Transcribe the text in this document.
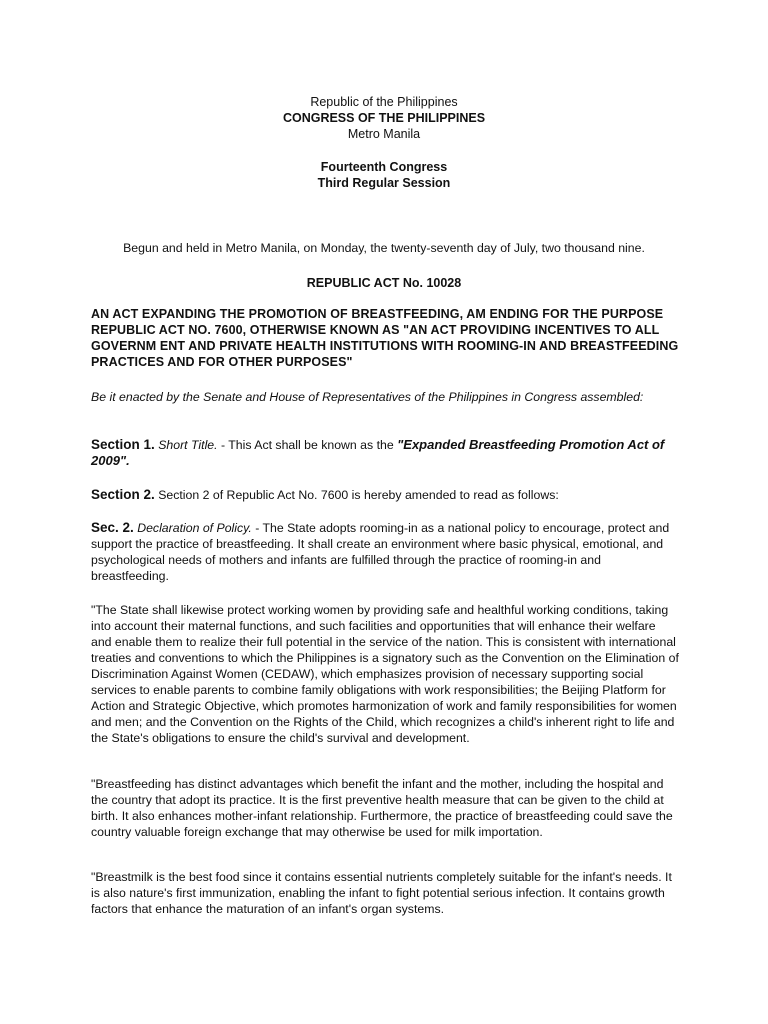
Republic of the Philippines
CONGRESS OF THE PHILIPPINES
Metro Manila
Fourteenth Congress
Third Regular Session
Begun and held in Metro Manila, on Monday, the twenty-seventh day of July, two thousand nine.
REPUBLIC ACT No. 10028

AN ACT EXPANDING THE PROMOTION OF BREASTFEEDING, AM ENDING FOR THE PURPOSE REPUBLIC ACT NO. 7600, OTHERWISE KNOWN AS "AN ACT PROVIDING INCENTIVES TO ALL GOVERNM ENT AND PRIVATE HEALTH INSTITUTIONS WITH ROOMING-IN AND BREASTFEEDING PRACTICES AND FOR OTHER PURPOSES"

Be it enacted by the Senate and House of Representatives of the Philippines in Congress assembled:

Section 1. Short Title. - This Act shall be known as the "Expanded Breastfeeding Promotion Act of 2009".

Section 2. Section 2 of Republic Act No. 7600 is hereby amended to read as follows:

Sec. 2. Declaration of Policy. - The State adopts rooming-in as a national policy to encourage, protect and support the practice of breastfeeding. It shall create an environment where basic physical, emotional, and psychological needs of mothers and infants are fulfilled through the practice of rooming-in and breastfeeding.

"The State shall likewise protect working women by providing safe and healthful working conditions, taking into account their maternal functions, and such facilities and opportunities that will enhance their welfare and enable them to realize their full potential in the service of the nation. This is consistent with international treaties and conventions to which the Philippines is a signatory such as the Convention on the Elimination of Discrimination Against Women (CEDAW), which emphasizes provision of necessary supporting social services to enable parents to combine family obligations with work responsibilities; the Beijing Platform for Action and Strategic Objective, which promotes harmonization of work and family responsibilities for women and men; and the Convention on the Rights of the Child, which recognizes a child's inherent right to life and the State's obligations to ensure the child's survival and development.

"Breastfeeding has distinct advantages which benefit the infant and the mother, including the hospital and the country that adopt its practice. It is the first preventive health measure that can be given to the child at birth. It also enhances mother-infant relationship. Furthermore, the practice of breastfeeding could save the country valuable foreign exchange that may otherwise be used for milk importation.

"Breastmilk is the best food since it contains essential nutrients completely suitable for the infant's needs. It is also nature's first immunization, enabling the infant to fight potential serious infection. It contains growth factors that enhance the maturation of an infant's organ systems.
